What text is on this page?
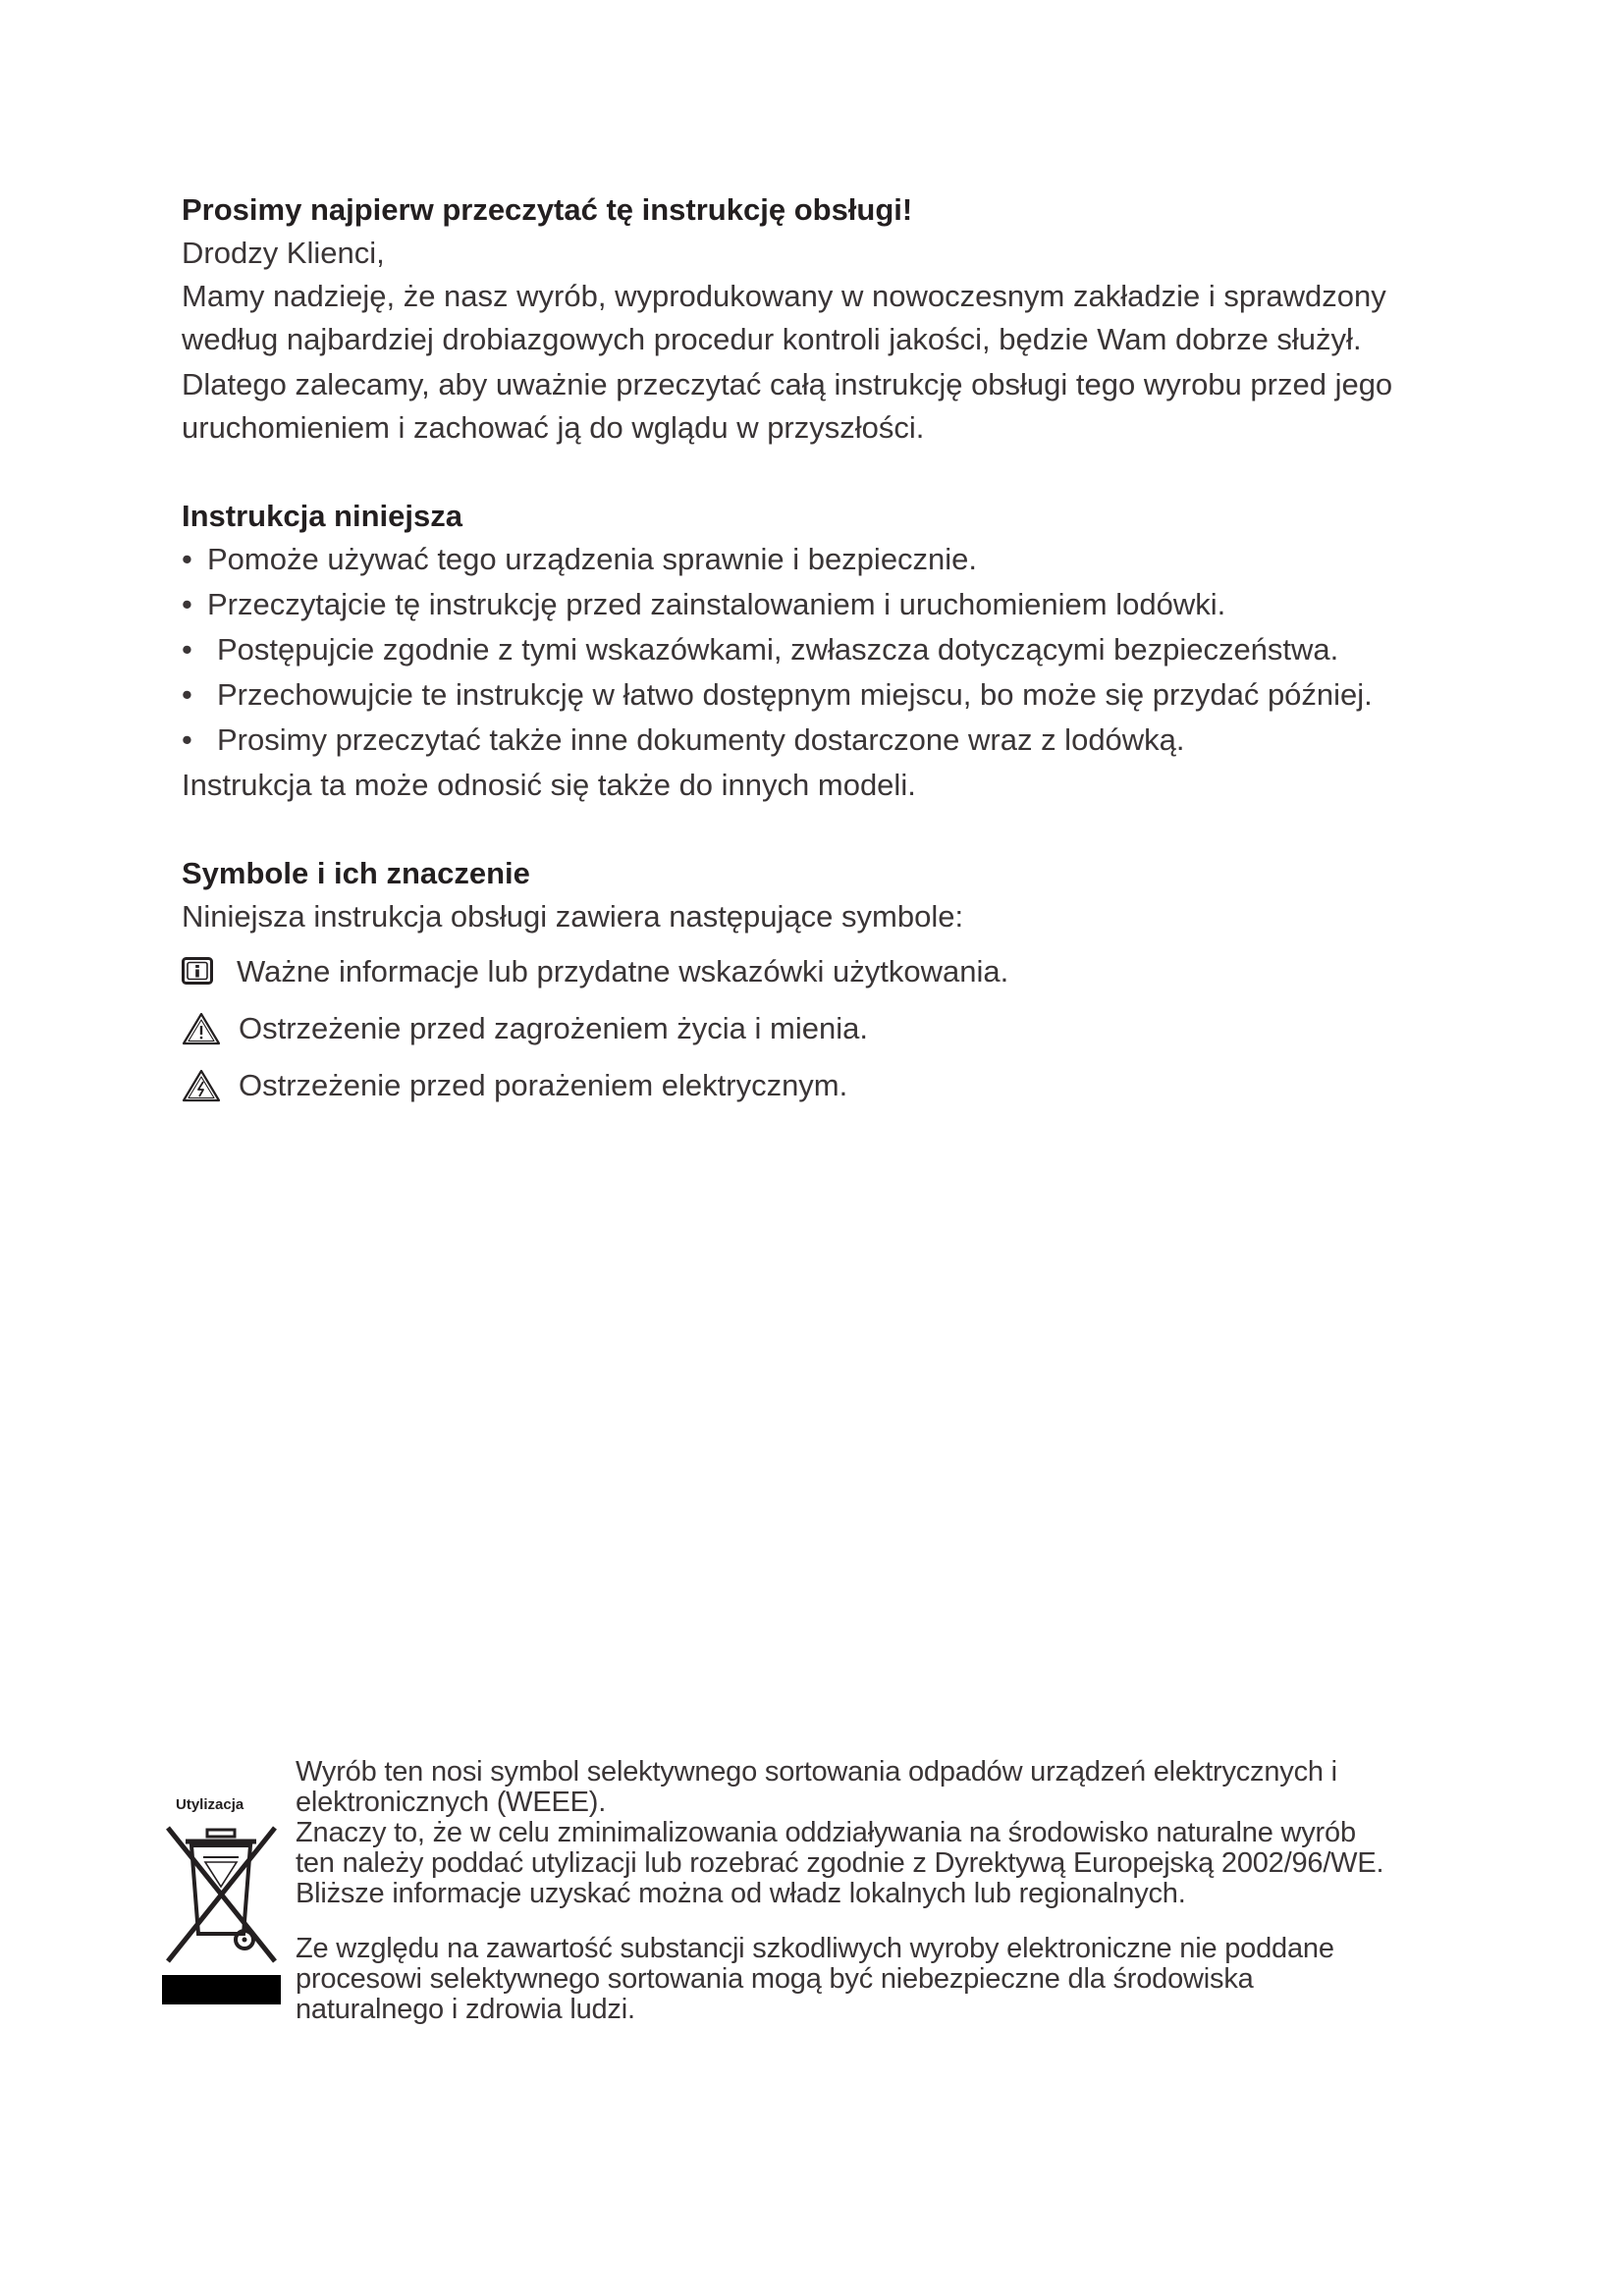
Prosimy najpierw przeczytać tę instrukcję obsługi!

Drodzy Klienci,

Mamy nadzieję, że nasz wyrób, wyprodukowany w nowoczesnym zakładzie i sprawdzony

według najbardziej drobiazgowych procedur kontroli jakości, będzie Wam dobrze służył.

Dlatego zalecamy, aby uważnie przeczytać całą instrukcję obsługi tego wyrobu przed jego

uruchomieniem i zachować ją do wglądu w przyszłości.

Instrukcja niniejsza

• Pomoże używać tego urządzenia sprawnie i bezpiecznie.
• Przeczytajcie tę instrukcję przed zainstalowaniem i uruchomieniem lodówki.
• Postępujcie zgodnie z tymi wskazówkami, zwłaszcza dotyczącymi bezpieczeństwa.
• Przechowujcie te instrukcję w łatwo dostępnym miejscu, bo może się przydać później.
• Prosimy przeczytać także inne dokumenty dostarczone wraz z lodówką.

Instrukcja ta może odnosić się także do innych modeli.

Symbole i ich znaczenie

Niniejsza instrukcja obsługi zawiera następujące symbole:

Ważne informacje lub przydatne wskazówki użytkowania.
Ostrzeżenie przed zagrożeniem życia i mienia.
Ostrzeżenie przed porażeniem elektrycznym.
Utylizacja

Wyrób ten nosi symbol selektywnego sortowania odpadów urządzeń elektrycznych i

elektronicznych (WEEE).

Znaczy to, że w celu zminimalizowania oddziaływania na środowisko naturalne wyrób

ten należy poddać utylizacji lub rozebrać zgodnie z Dyrektywą Europejską 2002/96/WE.

Bliższe informacje uzyskać można od władz lokalnych lub regionalnych.

Ze względu na zawartość substancji szkodliwych wyroby elektroniczne nie poddane

procesowi selektywnego sortowania mogą być niebezpieczne dla środowiska

naturalnego i zdrowia ludzi.
